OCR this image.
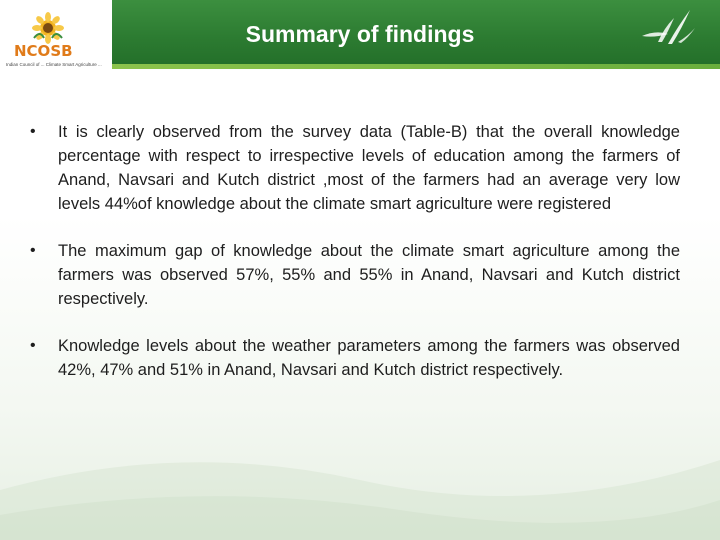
NCOSB
Indian Council of ... Climate Smart Agriculture ...
Summary of findings
• It is clearly observed from the survey data (Table-B) that the overall knowledge percentage with respect to irrespective levels of education among the farmers of Anand, Navsari and Kutch district ,most of the farmers had an average very low levels 44%of knowledge about the climate smart agriculture were registered
• The maximum gap of knowledge about the climate smart agriculture among the farmers was observed 57%, 55% and 55% in Anand, Navsari and Kutch district respectively.
• Knowledge levels about the weather parameters among the farmers was observed 42%, 47% and 51% in Anand, Navsari and Kutch district respectively.
